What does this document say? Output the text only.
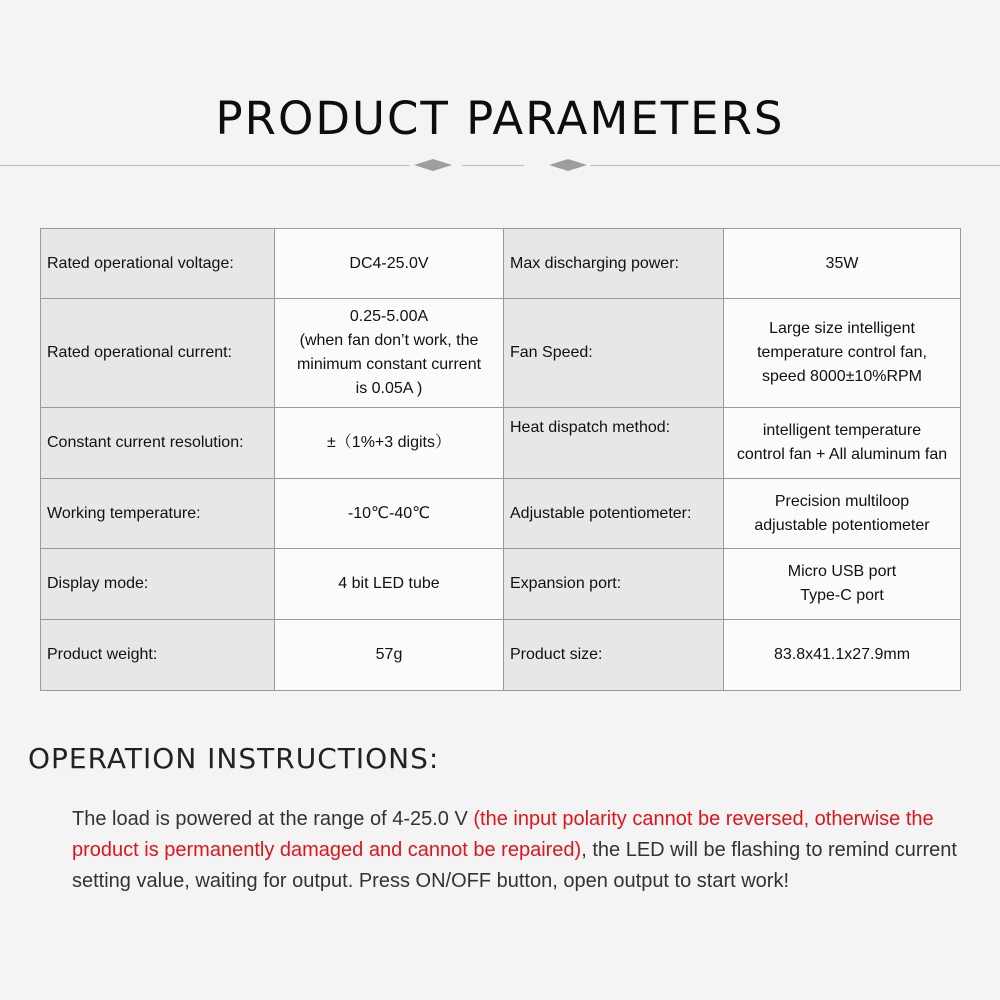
PRODUCT PARAMETERS
Rated operational voltage:	DC4-25.0V	Max discharging power:	35W

Rated operational current:	0.25-5.00A
(when fan don’t work, the
minimum constant current
is 0.05A )	Fan Speed:	Large size intelligent
temperature control fan,
speed 8000±10%RPM

Constant current resolution:	±（1%+3 digits）	Heat dispatch method:	intelligent temperature
control fan + All aluminum fan

Working temperature:	-10℃-40℃	Adjustable potentiometer:	Precision multiloop
adjustable potentiometer

Display mode:	4 bit LED tube	Expansion port:	Micro USB port
Type-C port

Product weight:	57g	Product size:	83.8x41.1x27.9mm
OPERATION INSTRUCTIONS:
The load is powered at the range of 4-25.0 V (the input polarity cannot be reversed, otherwise the product is permanently damaged and cannot be repaired), the LED will be flashing to remind current setting value, waiting for output. Press ON/OFF button, open output to start work!
